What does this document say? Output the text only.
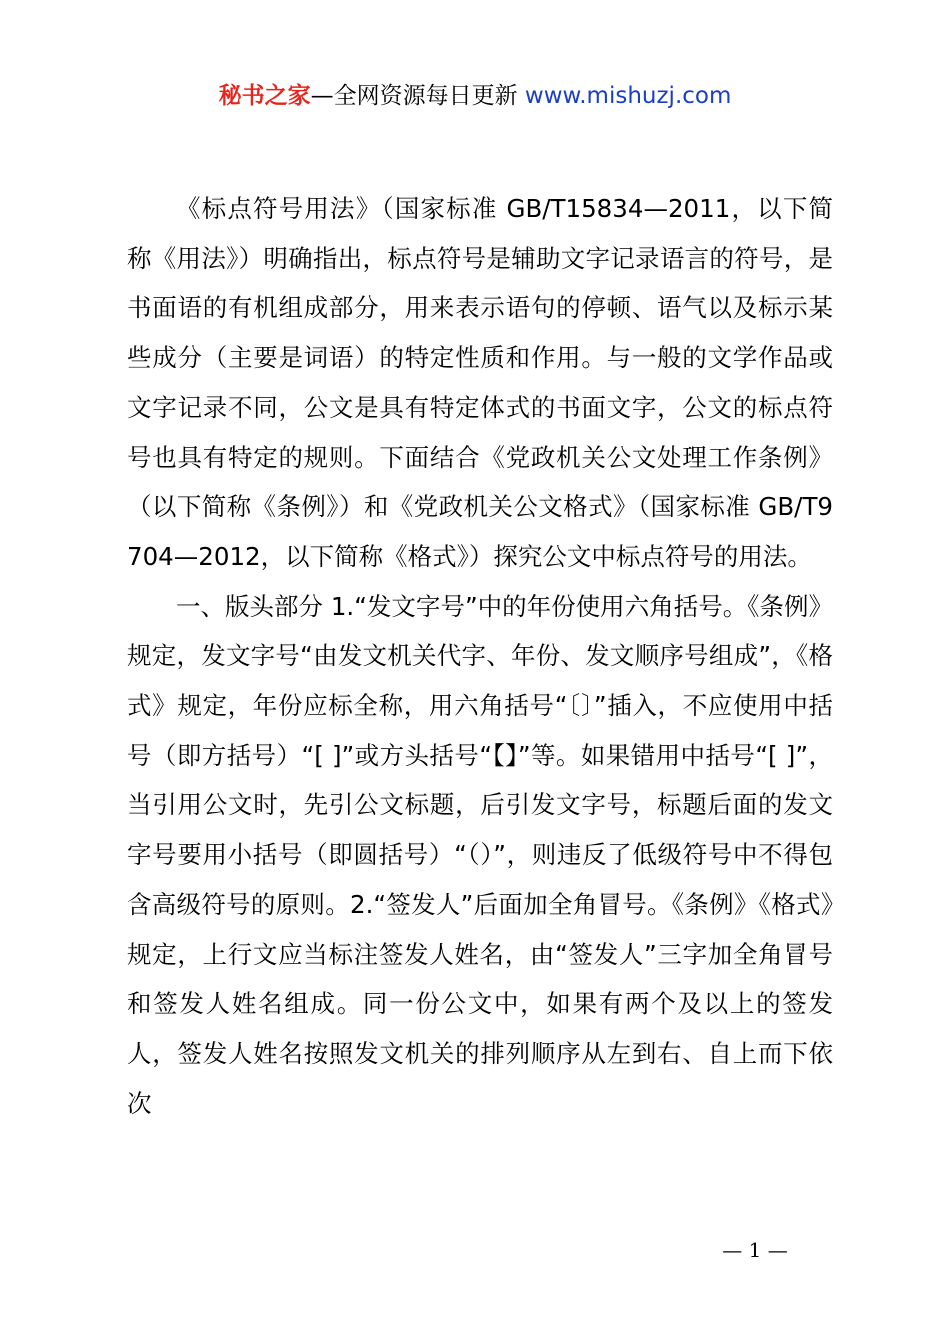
秘书之家—全网资源每日更新 www.mishuzj.com

《标点符号用法》（国家标准 GB/T15834—2011，以下简称《用法》）明确指出，标点符号是辅助文字记录语言的符号，是书面语的有机组成部分，用来表示语句的停顿、语气以及标示某些成分（主要是词语）的特定性质和作用。与一般的文学作品或文字记录不同，公文是具有特定体式的书面文字，公文的标点符号也具有特定的规则。下面结合《党政机关公文处理工作条例》（以下简称《条例》）和《党政机关公文格式》（国家标准 GB/T9704—2012，以下简称《格式》）探究公文中标点符号的用法。

一、版头部分 1.“发文字号”中的年份使用六角括号。《条例》规定，发文字号“由发文机关代字、年份、发文顺序号组成”，《格式》规定，年份应标全称，用六角括号“〔〕”插入，不应使用中括号（即方括号）“[ ]”或方头括号“【】”等。如果错用中括号“[ ]”，当引用公文时，先引公文标题，后引发文字号，标题后面的发文字号要用小括号（即圆括号）“（）”，则违反了低级符号中不得包含高级符号的原则。2.“签发人”后面加全角冒号。《条例》《格式》规定，上行文应当标注签发人姓名，由“签发人”三字加全角冒号和签发人姓名组成。同一份公文中，如果有两个及以上的签发人，签发人姓名按照发文机关的排列顺序从左到右、自上而下依次

— 1 —
